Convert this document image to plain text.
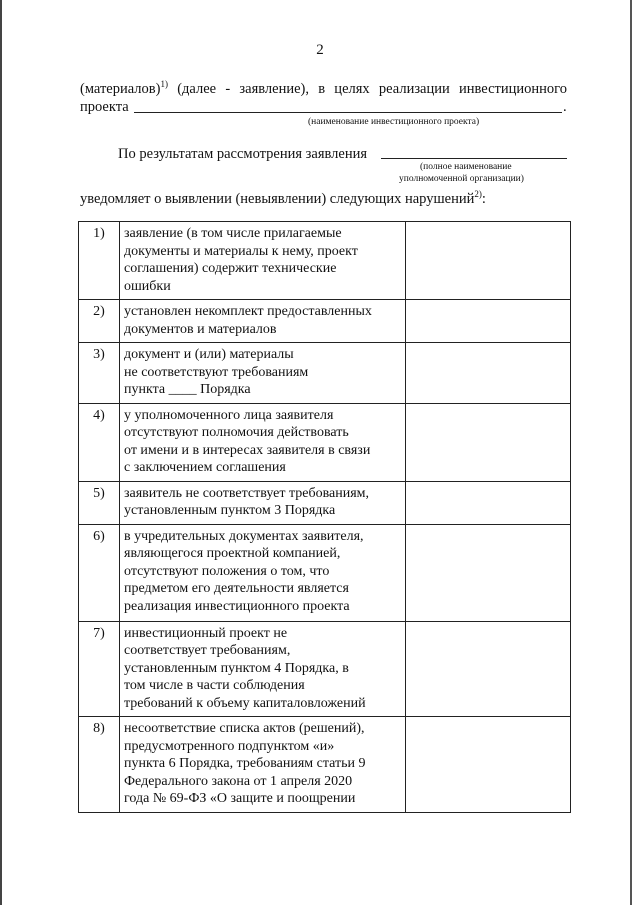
2
(материалов)$^{1)}$ (далее - заявление), в целях реализации инвестиционного
проекта	.
(наименование инвестиционного проекта)
По результатам рассмотрения заявления
(полное наименование
уполномоченной организации)
уведомляет о выявлении (невыявлении) следующих нарушений$^{2)}$:
1)	заявление (в том числе прилагаемые
документы и материалы к нему, проект
соглашения) содержит технические
ошибки	

2)	установлен некомплект предоставленных
документов и материалов	

3)	документ и (или) материалы
не соответствуют требованиям
пункта ____ Порядка	

4)	у уполномоченного лица заявителя
отсутствуют полномочия действовать
от имени и в интересах заявителя в связи
с заключением соглашения	

5)	заявитель не соответствует требованиям,
установленным пунктом 3 Порядка	

6)	в учредительных документах заявителя,
являющегося проектной компанией,
отсутствуют положения о том, что
предметом его деятельности является
реализация инвестиционного проекта	

7)	инвестиционный проект не
соответствует требованиям,
установленным пунктом 4 Порядка, в
том числе в части соблюдения
требований к объему капиталовложений	

8)	несоответствие списка актов (решений),
предусмотренного подпунктом «и»
пункта 6 Порядка, требованиям статьи 9
Федерального закона от 1 апреля 2020
года № 69-ФЗ «О защите и поощрении	
